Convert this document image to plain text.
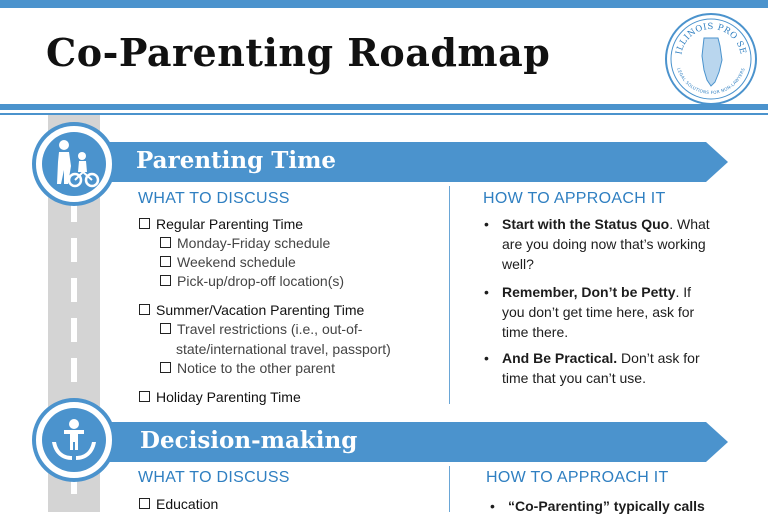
Co-Parenting Roadmap	ILLINOIS PRO SE
LEGAL SOLUTIONS FOR NON-LAWYERS
Parenting Time
WHAT TO DISCUSS	HOW TO APPROACH IT
Regular Parenting Time
Monday-Friday schedule
Weekend schedule
Pick-up/drop-off location(s)
Summer/Vacation Parenting Time
Travel restrictions (i.e., out-of-
state/international travel, passport)
Notice to the other parent
Holiday Parenting Time
• Start with the Status Quo. What are you doing now that’s working well?
• Remember, Don’t be Petty. If you don’t get time here, ask for time there.
• And Be Practical. Don’t ask for time that you can’t use.
Decision-making
WHAT TO DISCUSS	HOW TO APPROACH IT
Education	• “Co-Parenting” typically calls
